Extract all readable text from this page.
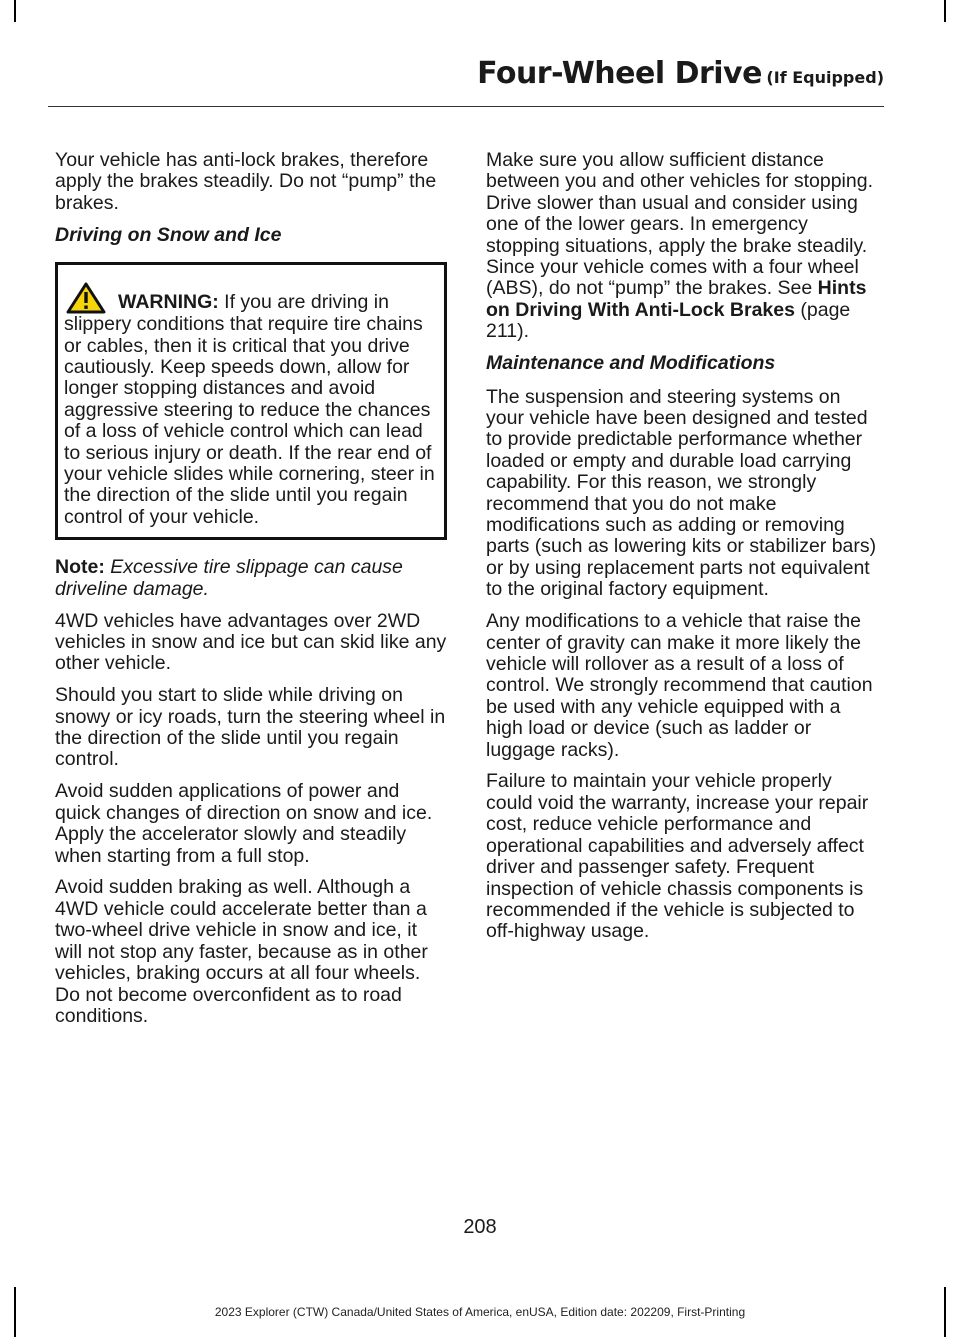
Four-Wheel Drive (If Equipped)

Your vehicle has anti-lock brakes, therefore apply the brakes steadily. Do not “pump” the brakes.

Driving on Snow and Ice

WARNING: If you are driving in slippery conditions that require tire chains or cables, then it is critical that you drive cautiously. Keep speeds down, allow for longer stopping distances and avoid aggressive steering to reduce the chances of a loss of vehicle control which can lead to serious injury or death. If the rear end of your vehicle slides while cornering, steer in the direction of the slide until you regain control of your vehicle.

Note: Excessive tire slippage can cause driveline damage.

4WD vehicles have advantages over 2WD vehicles in snow and ice but can skid like any other vehicle.

Should you start to slide while driving on snowy or icy roads, turn the steering wheel in the direction of the slide until you regain control.

Avoid sudden applications of power and quick changes of direction on snow and ice. Apply the accelerator slowly and steadily when starting from a full stop.

Avoid sudden braking as well. Although a 4WD vehicle could accelerate better than a two-wheel drive vehicle in snow and ice, it will not stop any faster, because as in other vehicles, braking occurs at all four wheels. Do not become overconfident as to road conditions.

Make sure you allow sufficient distance between you and other vehicles for stopping. Drive slower than usual and consider using one of the lower gears. In emergency stopping situations, apply the brake steadily. Since your vehicle comes with a four wheel (ABS), do not “pump” the brakes. See Hints on Driving With Anti-Lock Brakes (page 211).

Maintenance and Modifications

The suspension and steering systems on your vehicle have been designed and tested to provide predictable performance whether loaded or empty and durable load carrying capability. For this reason, we strongly recommend that you do not make modifications such as adding or removing parts (such as lowering kits or stabilizer bars) or by using replacement parts not equivalent to the original factory equipment.

Any modifications to a vehicle that raise the center of gravity can make it more likely the vehicle will rollover as a result of a loss of control. We strongly recommend that caution be used with any vehicle equipped with a high load or device (such as ladder or luggage racks).

Failure to maintain your vehicle properly could void the warranty, increase your repair cost, reduce vehicle performance and operational capabilities and adversely affect driver and passenger safety. Frequent inspection of vehicle chassis components is recommended if the vehicle is subjected to off-highway usage.

208
2023 Explorer (CTW) Canada/United States of America, enUSA, Edition date: 202209, First-Printing
